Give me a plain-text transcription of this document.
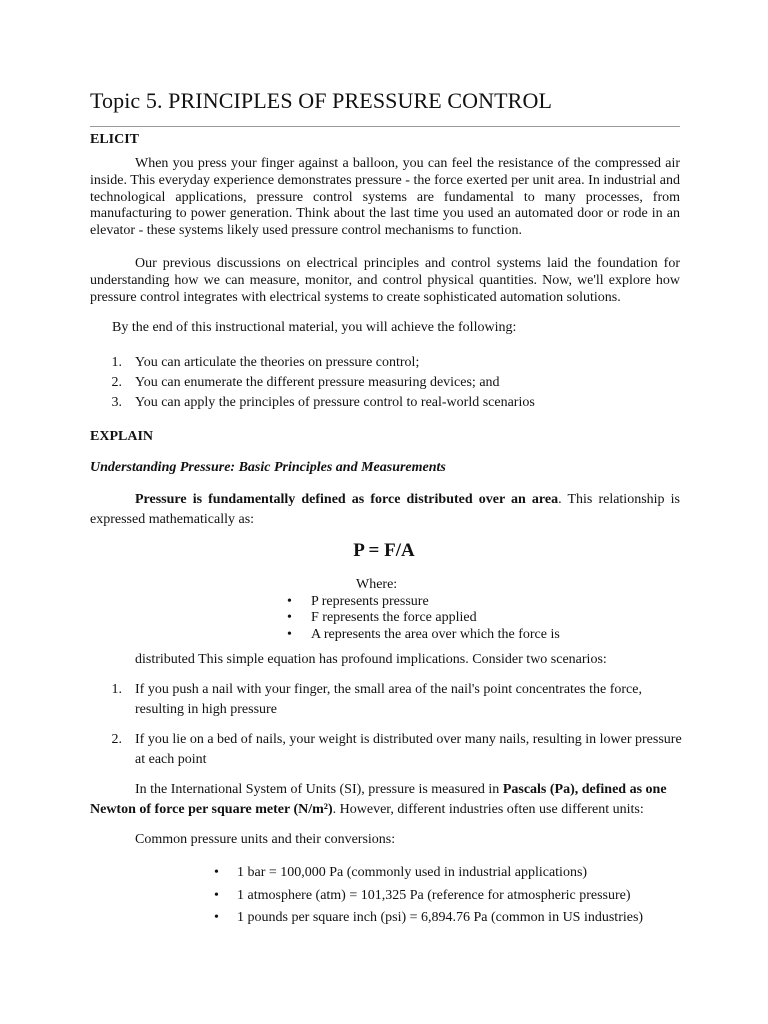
Topic 5. PRINCIPLES OF PRESSURE CONTROL
ELICIT
When you press your finger against a balloon, you can feel the resistance of the compressed air inside. This everyday experience demonstrates pressure - the force exerted per unit area. In industrial and technological applications, pressure control systems are fundamental to many processes, from manufacturing to power generation. Think about the last time you used an automated door or rode in an elevator - these systems likely used pressure control mechanisms to function.
Our previous discussions on electrical principles and control systems laid the foundation for understanding how we can measure, monitor, and control physical quantities. Now, we'll explore how pressure control integrates with electrical systems to create sophisticated automation solutions.
By the end of this instructional material, you will achieve the following:
1. You can articulate the theories on pressure control;
2. You can enumerate the different pressure measuring devices; and
3. You can apply the principles of pressure control to real-world scenarios
EXPLAIN
Understanding Pressure: Basic Principles and Measurements
Pressure is fundamentally defined as force distributed over an area. This relationship is expressed mathematically as:
P = F/A
Where:
• P represents pressure
• F represents the force applied
• A represents the area over which the force is
distributed This simple equation has profound implications. Consider two scenarios:
1. If you push a nail with your finger, the small area of the nail's point concentrates the force,
resulting in high pressure
2. If you lie on a bed of nails, your weight is distributed over many nails, resulting in lower pressure
at each point
In the International System of Units (SI), pressure is measured in Pascals (Pa), defined as one
Newton of force per square meter (N/m²). However, different industries often use different units:
Common pressure units and their conversions:
• 1 bar = 100,000 Pa (commonly used in industrial applications)
• 1 atmosphere (atm) = 101,325 Pa (reference for atmospheric pressure)
• 1 pounds per square inch (psi) = 6,894.76 Pa (common in US industries)
